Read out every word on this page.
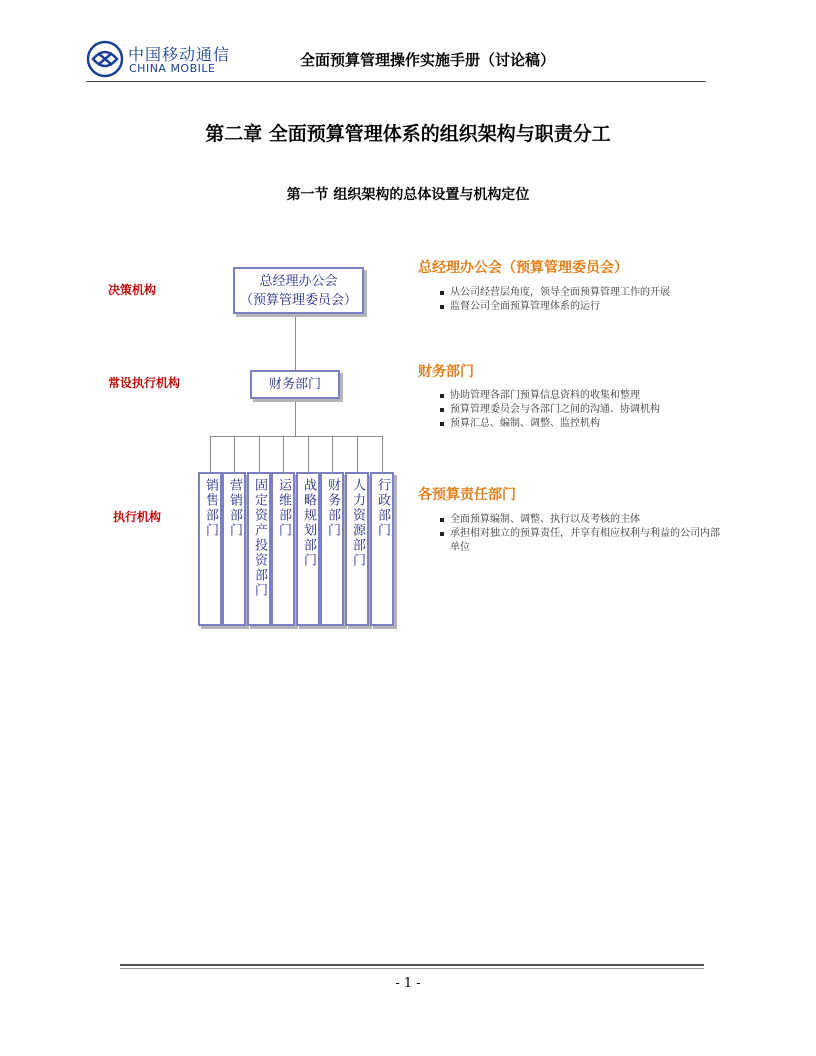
中国移动通信
CHINA MOBILE	全面预算管理操作实施手册（讨论稿）
第二章 全面预算管理体系的组织架构与职责分工
第一节 组织架构的总体设置与机构定位
决策机构
常设执行机构
执行机构
总经理办公会
（预算管理委员会）
财务部门
销售部门 营销部门 固定资产投资部门 运维部门 战略规划部门 财务部门 人力资源部门 行政部门
总经理办公会（预算管理委员会）
从公司经营层角度，领导全面预算管理工作的开展
监督公司全面预算管理体系的运行
财务部门
协助管理各部门预算信息资料的收集和整理
预算管理委员会与各部门之间的沟通、协调机构
预算汇总、编制、调整、监控机构
各预算责任部门
全面预算编制、调整、执行以及考核的主体
承担相对独立的预算责任，并享有相应权利与利益的公司内部单位
- 1 -
